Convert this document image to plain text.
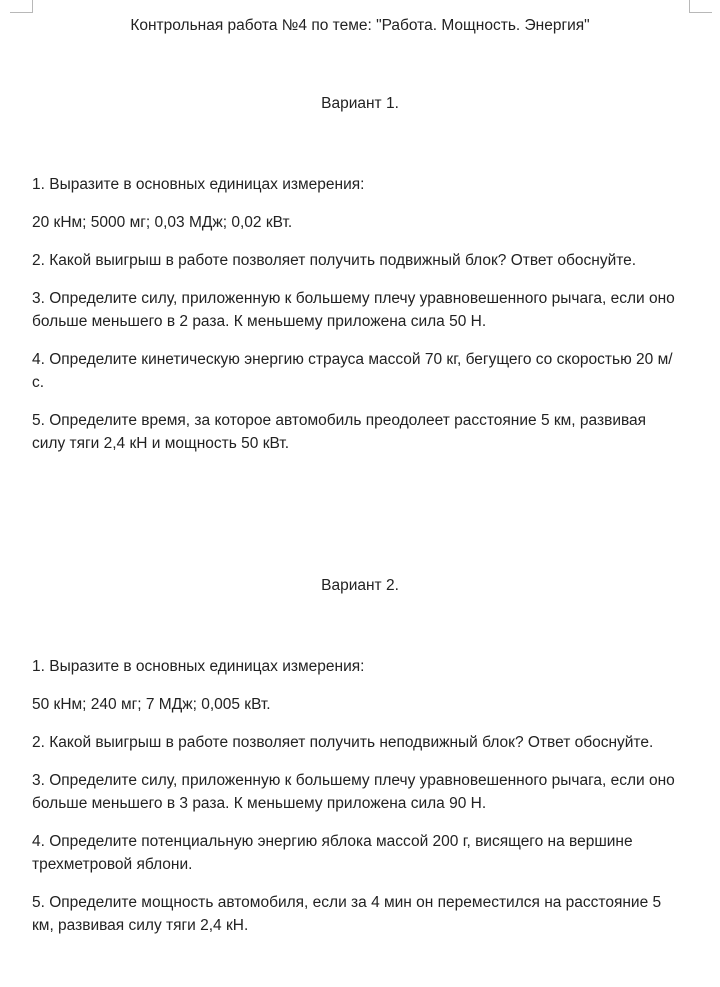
Контрольная работа №4 по теме: "Работа. Мощность. Энергия"
Вариант 1.

1. Выразите в основных единицах измерения:

20 кНм; 5000 мг; 0,03 МДж; 0,02 кВт.

2. Какой выигрыш в работе позволяет получить подвижный блок? Ответ обоснуйте.

3. Определите силу, приложенную к большему плечу уравновешенного рычага, если оно больше меньшего в 2 раза. К меньшему приложена сила 50 Н.

4. Определите кинетическую энергию страуса массой 70 кг, бегущего со скоростью 20 м/с.

5. Определите время, за которое автомобиль преодолеет расстояние 5 км, развивая силу тяги 2,4 кН и мощность 50 кВт.

Вариант 2.

1. Выразите в основных единицах измерения:

50 кНм; 240 мг; 7 МДж; 0,005 кВт.

2. Какой выигрыш в работе позволяет получить неподвижный блок? Ответ обоснуйте.

3. Определите силу, приложенную к большему плечу уравновешенного рычага, если оно больше меньшего в 3 раза. К меньшему приложена сила 90 Н.

4. Определите потенциальную энергию яблока массой 200 г, висящего на вершине трехметровой яблони.

5. Определите мощность автомобиля, если за 4 мин он переместился на расстояние 5 км, развивая силу тяги 2,4 кН.
